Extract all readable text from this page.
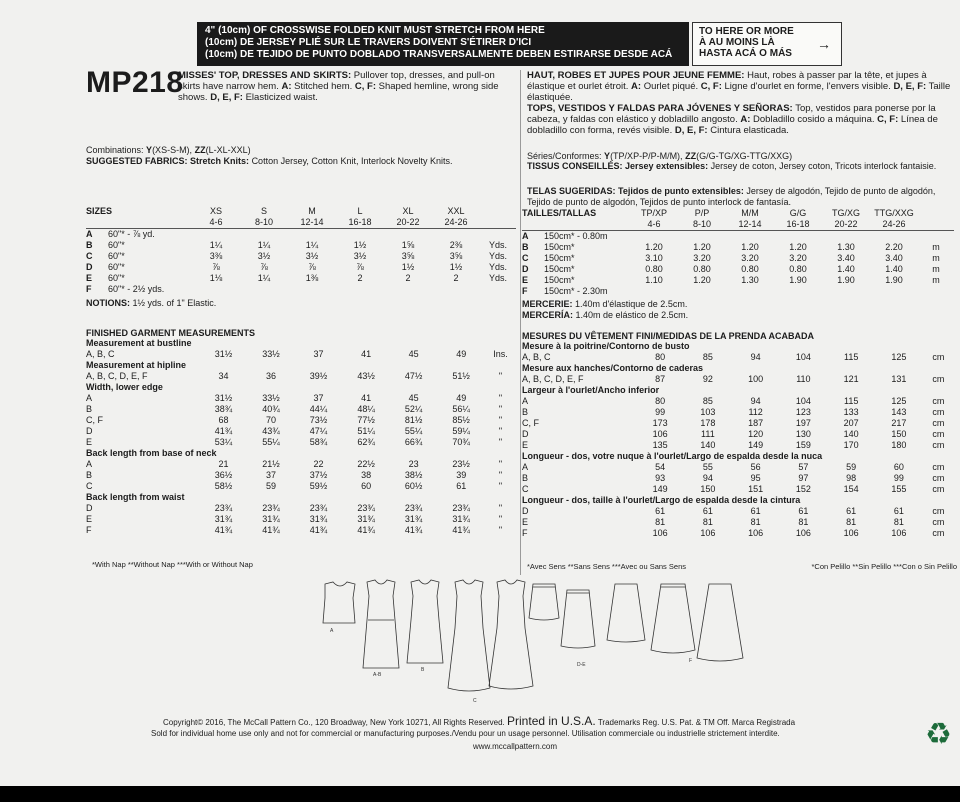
4" (10cm) OF CROSSWISE FOLDED KNIT MUST STRETCH FROM HERE
(10cm) DE JERSEY PLIÉ SUR LE TRAVERS DOIVENT S'ÉTIRER D'ICI
(10cm) DE TEJIDO DE PUNTO DOBLADO TRANSVERSALMENTE DEBEN ESTIRARSE DESDE ACÁ
TO HERE OR MORE
À AU MOINS LÀ
HASTA ACÁ O MÁS
→
MP218
MISSES' TOP, DRESSES AND SKIRTS: Pullover top, dresses, and pull-on skirts have narrow hem. A: Stitched hem. C, F: Shaped hemline, wrong side shows. D, E, F: Elasticized waist.
Combinations: Y(XS-S-M), ZZ(L-XL-XXL)
SUGGESTED FABRICS: Stretch Knits: Cotton Jersey, Cotton Knit, Interlock Novelty Knits.
HAUT, ROBES ET JUPES POUR JEUNE FEMME: Haut, robes à passer par la tête, et jupes à élastique et ourlet étroit. A: Ourlet piqué. C, F: Ligne d'ourlet en forme, l'envers visible. D, E, F: Taille élastiquée.
TOPS, VESTIDOS Y FALDAS PARA JÓVENES Y SEÑORAS: Top, vestidos para ponerse por la cabeza, y faldas con elástico y dobladillo angosto. A: Dobladillo cosido a máquina. C, F: Línea de dobladillo con forma, revés visible. D, E, F: Cintura elasticada.
Séries/Conformes: Y(TP/XP-P/P-M/M), ZZ(G/G-TG/XG-TTG/XXG)
TISSUS CONSEILLÉS: Jersey extensibles: Jersey de coton, Jersey coton, Tricots interlock fantaisie.
TELAS SUGERIDAS: Tejidos de punto extensibles: Jersey de algodón, Tejido de punto de algodón, Tejido de punto de algodón, Tejidos de punto interlock de fantasía.
SIZES		XS	S	M	L	XL	XXL	
		4-6	8-10	12-14	16-18	20-22	24-26	
A	60"* - ⅞ yd.							
B	60"*	1¼	1¼	1¼	1½	1⅝	2⅜	Yds.
C	60"*	3⅜	3½	3½	3½	3⅝	3⅝	Yds.
D	60"*	⅞	⅞	⅞	⅞	1½	1½	Yds.
E	60"*	1⅛	1¼	1⅜	2	2	2	Yds.
F	60"* - 2½ yds.							
NOTIONS: 1½ yds. of 1" Elastic.
TAILLES/TALLAS		TP/XP	P/P	M/M	G/G	TG/XG	TTG/XXG	
		4-6	8-10	12-14	16-18	20-22	24-26	
A	150cm* - 0.80m							
B	150cm*	1.20	1.20	1.20	1.20	1.30	2.20	m
C	150cm*	3.10	3.20	3.20	3.20	3.40	3.40	m
D	150cm*	0.80	0.80	0.80	0.80	1.40	1.40	m
E	150cm*	1.10	1.20	1.30	1.90	1.90	1.90	m
F	150cm* - 2.30m							
MERCERIE: 1.40m d'élastique de 2.5cm.
MERCERÍA: 1.40m de elástico de 2.5cm.
FINISHED GARMENT MEASUREMENTS
Measurement at bustline							
A, B, C	31½	33½	37	41	45	49	Ins.
Measurement at hipline							
A, B, C, D, E, F	34	36	39½	43½	47½	51½	"
Width, lower edge							
A	31½	33½	37	41	45	49	"
B	38¾	40¾	44¼	48¼	52¼	56¼	"
C, F	68	70	73½	77½	81½	85½	"
D	41¾	43¾	47¼	51¼	55¼	59¼	"
E	53¼	55¼	58¾	62¾	66¾	70¾	"
Back length from base of neck							
A	21	21½	22	22½	23	23½	"
B	36½	37	37½	38	38½	39	"
C	58½	59	59½	60	60½	61	"
Back length from waist							
D	23¾	23¾	23¾	23¾	23¾	23¾	"
E	31¾	31¾	31¾	31¾	31¾	31¾	"
F	41¾	41¾	41¾	41¾	41¾	41¾	"
MESURES DU VÊTEMENT FINI/MEDIDAS DE LA PRENDA ACABADA
Mesure à la poitrine/Contorno de busto							
A, B, C	80	85	94	104	115	125	cm
Mesure aux hanches/Contorno de caderas							
A, B, C, D, E, F	87	92	100	110	121	131	cm
Largeur à l'ourlet/Ancho inferior							
A	80	85	94	104	115	125	cm
B	99	103	112	123	133	143	cm
C, F	173	178	187	197	207	217	cm
D	106	111	120	130	140	150	cm
E	135	140	149	159	170	180	cm
Longueur - dos, votre nuque à l'ourlet/Largo de espalda desde la nuca							
A	54	55	56	57	59	60	cm
B	93	94	95	97	98	99	cm
C	149	150	151	152	154	155	cm
Longueur - dos, taille à l'ourlet/Largo de espalda desde la cintura							
D	61	61	61	61	61	61	cm
E	81	81	81	81	81	81	cm
F	106	106	106	106	106	106	cm
*With Nap **Without Nap ***With or Without Nap	*Avec Sens **Sans Sens ***Avec ou Sans Sens	*Con Pelillo **Sin Pelillo ***Con o Sin Pelillo
A
A-B
B
C
D-E
F
Copyright© 2016, The McCall Pattern Co., 120 Broadway, New York 10271, All Rights Reserved. Printed in U.S.A. Trademarks Reg. U.S. Pat. & TM Off. Marca Registrada
Sold for individual home use only and not for commercial or manufacturing purposes./Vendu pour un usage personnel. Utilisation commerciale ou industrielle strictement interdite.
www.mccallpattern.com	♻
